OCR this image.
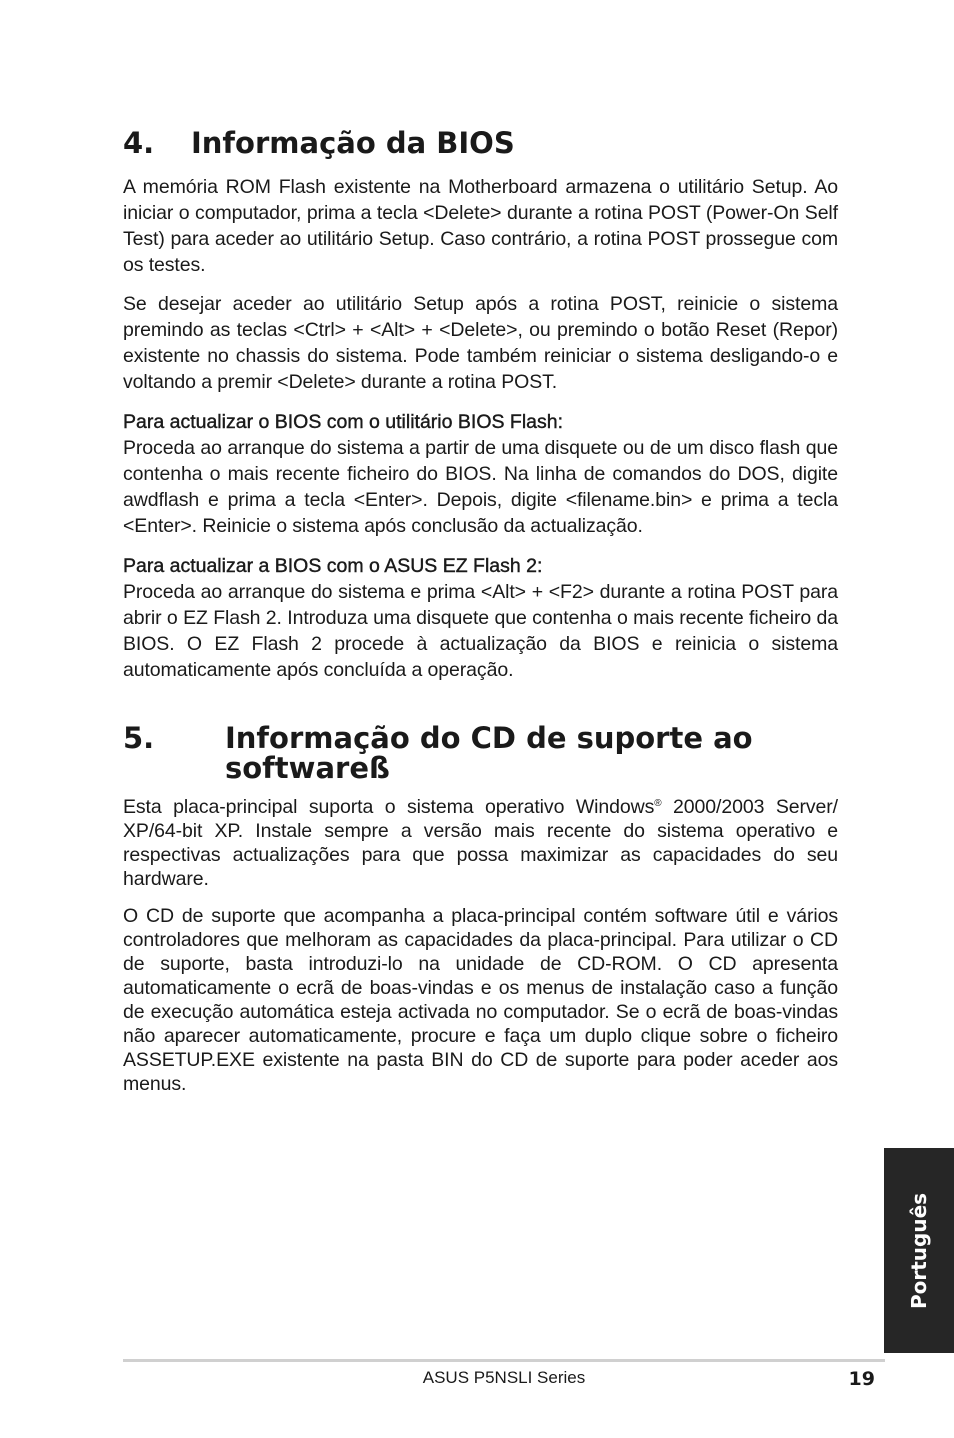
4.	Informação da BIOS

A memória ROM Flash existente na Motherboard armazena o utilitário Setup. Ao iniciar o computador, prima a tecla <Delete> durante a rotina POST (Power-On Self Test) para aceder ao utilitário Setup. Caso contrário, a rotina POST prossegue com os testes.

Se desejar aceder ao utilitário Setup após a rotina POST, reinicie o sistema premindo as teclas <Ctrl> + <Alt> + <Delete>, ou premindo o botão Reset (Repor) existente no chassis do sistema. Pode também reiniciar o sistema desligando-o e voltando a premir <Delete> durante a rotina POST.

Para actualizar o BIOS com o utilitário BIOS Flash:

Proceda ao arranque do sistema a partir de uma disquete ou de um disco flash que contenha o mais recente ficheiro do BIOS. Na linha de comandos do DOS, digite awdflash e prima a tecla <Enter>. Depois, digite <filename.bin> e prima a tecla <Enter>. Reinicie o sistema após conclusão da actualização.

Para actualizar a BIOS com o ASUS EZ Flash 2:

Proceda ao arranque do sistema e prima <Alt> + <F2> durante a rotina POST para abrir o EZ Flash 2. Introduza uma disquete que contenha o mais recente ficheiro da BIOS. O EZ Flash 2 procede à actualização da BIOS e reinicia o sistema automaticamente após concluída a operação.

5.	Informação do CD de suporte ao softwareß

Esta placa-principal suporta o sistema operativo Windows® 2000/2003 Server/ XP/64-bit XP. Instale sempre a versão mais recente do sistema operativo e respectivas actualizações para que possa maximizar as capacidades do seu hardware.

O CD de suporte que acompanha a placa-principal contém software útil e vários controladores que melhoram as capacidades da placa-principal. Para utilizar o CD de suporte, basta introduzi-lo na unidade de CD-ROM. O CD apresenta automaticamente o ecrã de boas-vindas e os menus de instalação caso a função de execução automática esteja activada no computador. Se o ecrã de boas-vindas não aparecer automaticamente, procure e faça um duplo clique sobre o ficheiro ASSETUP.EXE existente na pasta BIN do CD de suporte para poder aceder aos menus.

Português
ASUS P5NSLI Series	19
